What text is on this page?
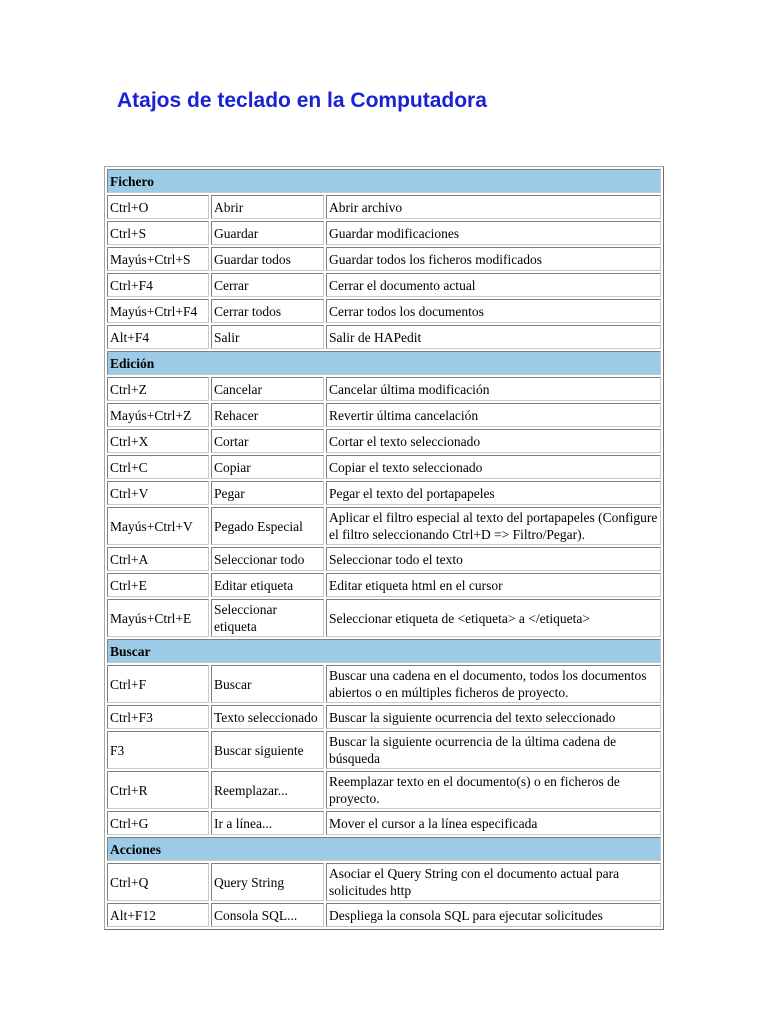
Atajos de teclado en la Computadora
Fichero		
Ctrl+O	Abrir	Abrir archivo
Ctrl+S	Guardar	Guardar modificaciones
Mayús+Ctrl+S	Guardar todos	Guardar todos los ficheros modificados
Ctrl+F4	Cerrar	Cerrar el documento actual
Mayús+Ctrl+F4	Cerrar todos	Cerrar todos los documentos
Alt+F4	Salir	Salir de HAPedit
Edición		
Ctrl+Z	Cancelar	Cancelar última modificación
Mayús+Ctrl+Z	Rehacer	Revertir última cancelación
Ctrl+X	Cortar	Cortar el texto seleccionado
Ctrl+C	Copiar	Copiar el texto seleccionado
Ctrl+V	Pegar	Pegar el texto del portapapeles
Mayús+Ctrl+V	Pegado Especial	Aplicar el filtro especial al texto del portapapeles (Configure el filtro seleccionando Ctrl+D => Filtro/Pegar).
Ctrl+A	Seleccionar todo	Seleccionar todo el texto
Ctrl+E	Editar etiqueta	Editar etiqueta html en el cursor
Mayús+Ctrl+E	Seleccionar etiqueta	Seleccionar etiqueta de <etiqueta> a </etiqueta>
Buscar		
Ctrl+F	Buscar	Buscar una cadena en el documento, todos los documentos abiertos o en múltiples ficheros de proyecto.
Ctrl+F3	Texto seleccionado	Buscar la siguiente ocurrencia del texto seleccionado
F3	Buscar siguiente	Buscar la siguiente ocurrencia de la última cadena de búsqueda
Ctrl+R	Reemplazar...	Reemplazar texto en el documento(s) o en ficheros de proyecto.
Ctrl+G	Ir a línea...	Mover el cursor a la línea especificada
Acciones		
Ctrl+Q	Query String	Asociar el Query String con el documento actual para solicitudes http
Alt+F12	Consola SQL...	Despliega la consola SQL para ejecutar solicitudes
